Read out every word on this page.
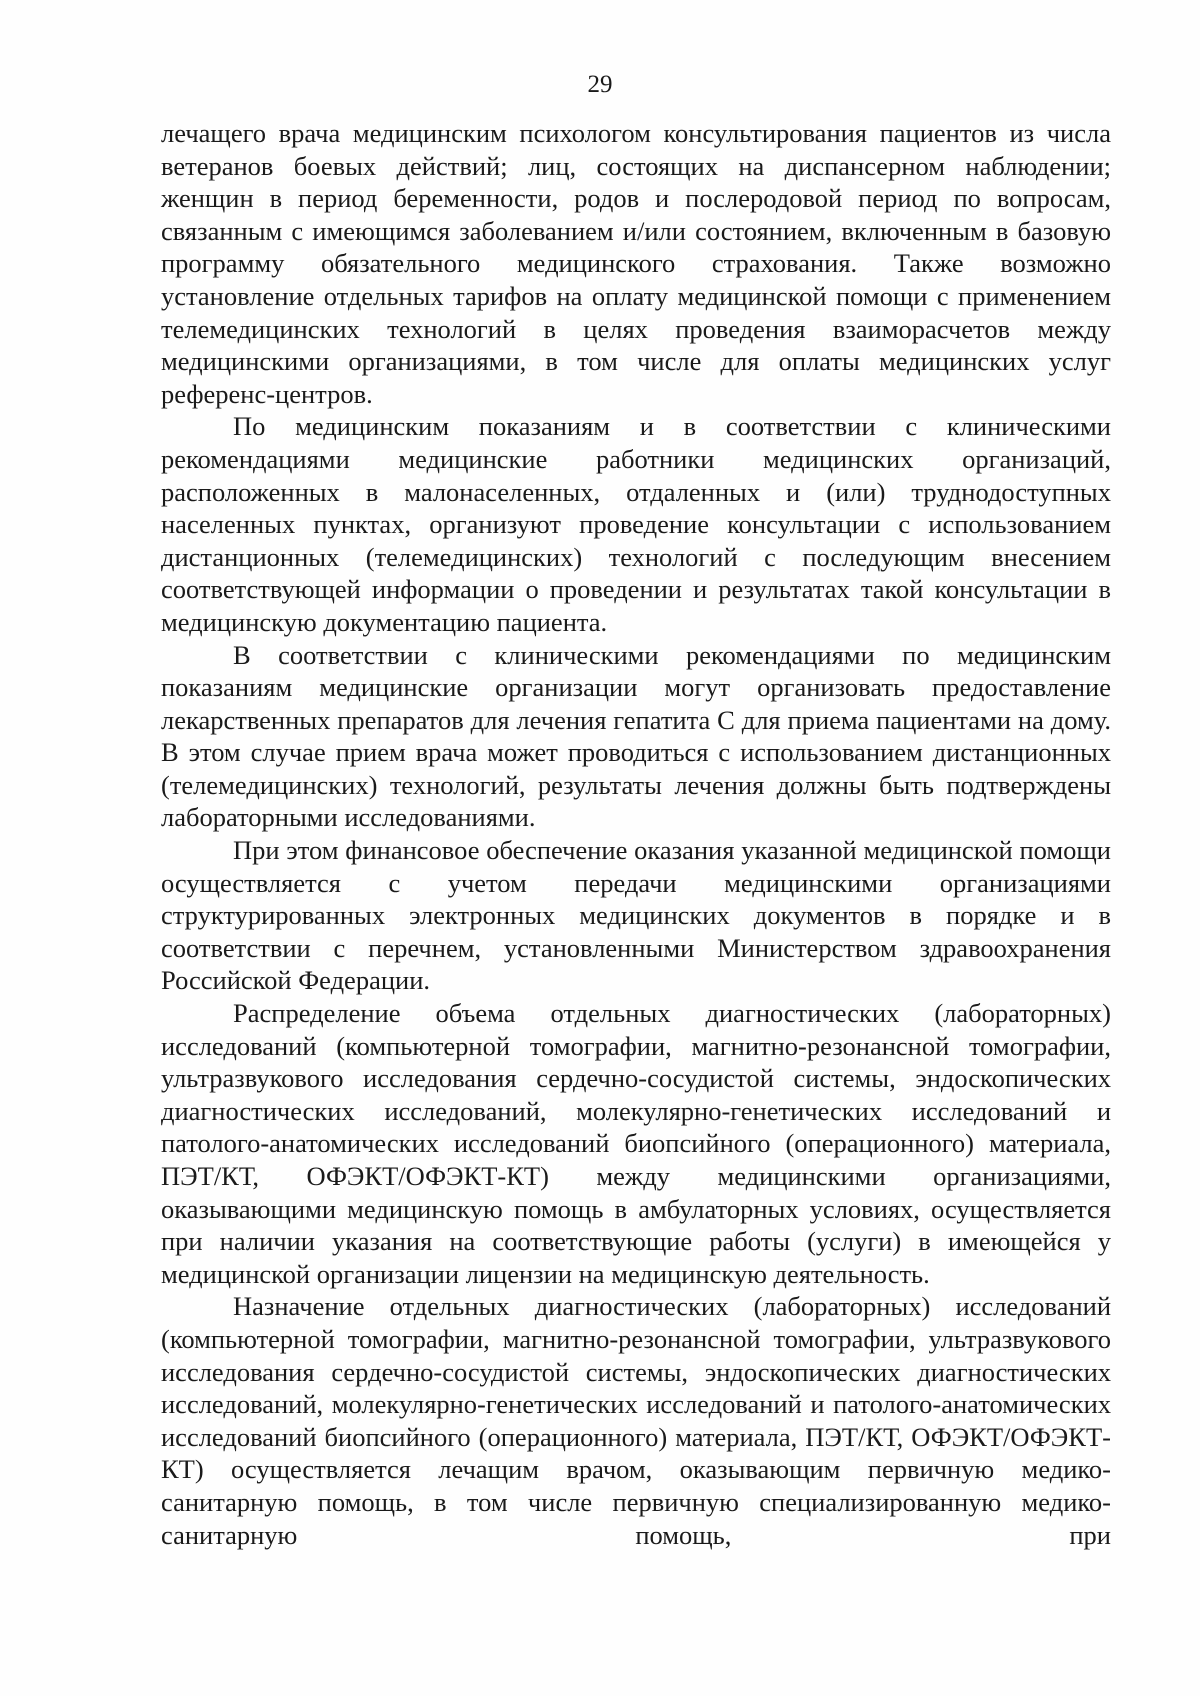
29

лечащего врача медицинским психологом консультирования пациентов из числа ветеранов боевых действий; лиц, состоящих на диспансерном наблюдении; женщин в период беременности, родов и послеродовой период по вопросам, связанным с имеющимся заболеванием и/или состоянием, включенным в базовую программу обязательного медицинского страхования. Также возможно установление отдельных тарифов на оплату медицинской помощи с применением телемедицинских технологий в целях проведения взаиморасчетов между медицинскими организациями, в том числе для оплаты медицинских услуг референс-центров.

По медицинским показаниям и в соответствии с клиническими рекомендациями медицинские работники медицинских организаций, расположенных в малонаселенных, отдаленных и (или) труднодоступных населенных пунктах, организуют проведение консультации с использованием дистанционных (телемедицинских) технологий с последующим внесением соответствующей информации о проведении и результатах такой консультации в медицинскую документацию пациента.

В соответствии с клиническими рекомендациями по медицинским показаниям медицинские организации могут организовать предоставление лекарственных препаратов для лечения гепатита С для приема пациентами на дому. В этом случае прием врача может проводиться с использованием дистанционных (телемедицинских) технологий, результаты лечения должны быть подтверждены лабораторными исследованиями.

При этом финансовое обеспечение оказания указанной медицинской помощи осуществляется с учетом передачи медицинскими организациями структурированных электронных медицинских документов в порядке и в соответствии с перечнем, установленными Министерством здравоохранения Российской Федерации.

Распределение объема отдельных диагностических (лабораторных) исследований (компьютерной томографии, магнитно-резонансной томографии, ультразвукового исследования сердечно-сосудистой системы, эндоскопических диагностических исследований, молекулярно-генетических исследований и патолого-анатомических исследований биопсийного (операционного) материала, ПЭТ/КТ, ОФЭКТ/ОФЭКТ-КТ) между медицинскими организациями, оказывающими медицинскую помощь в амбулаторных условиях, осуществляется при наличии указания на соответствующие работы (услуги) в имеющейся у медицинской организации лицензии на медицинскую деятельность.

Назначение отдельных диагностических (лабораторных) исследований (компьютерной томографии, магнитно-резонансной томографии, ультразвукового исследования сердечно-сосудистой системы, эндоскопических диагностических исследований, молекулярно-генетических исследований и патолого-анатомических исследований биопсийного (операционного) материала, ПЭТ/КТ, ОФЭКТ/ОФЭКТ-КТ) осуществляется лечащим врачом, оказывающим первичную медико-санитарную помощь, в том числе первичную специализированную медико-санитарную помощь, при
